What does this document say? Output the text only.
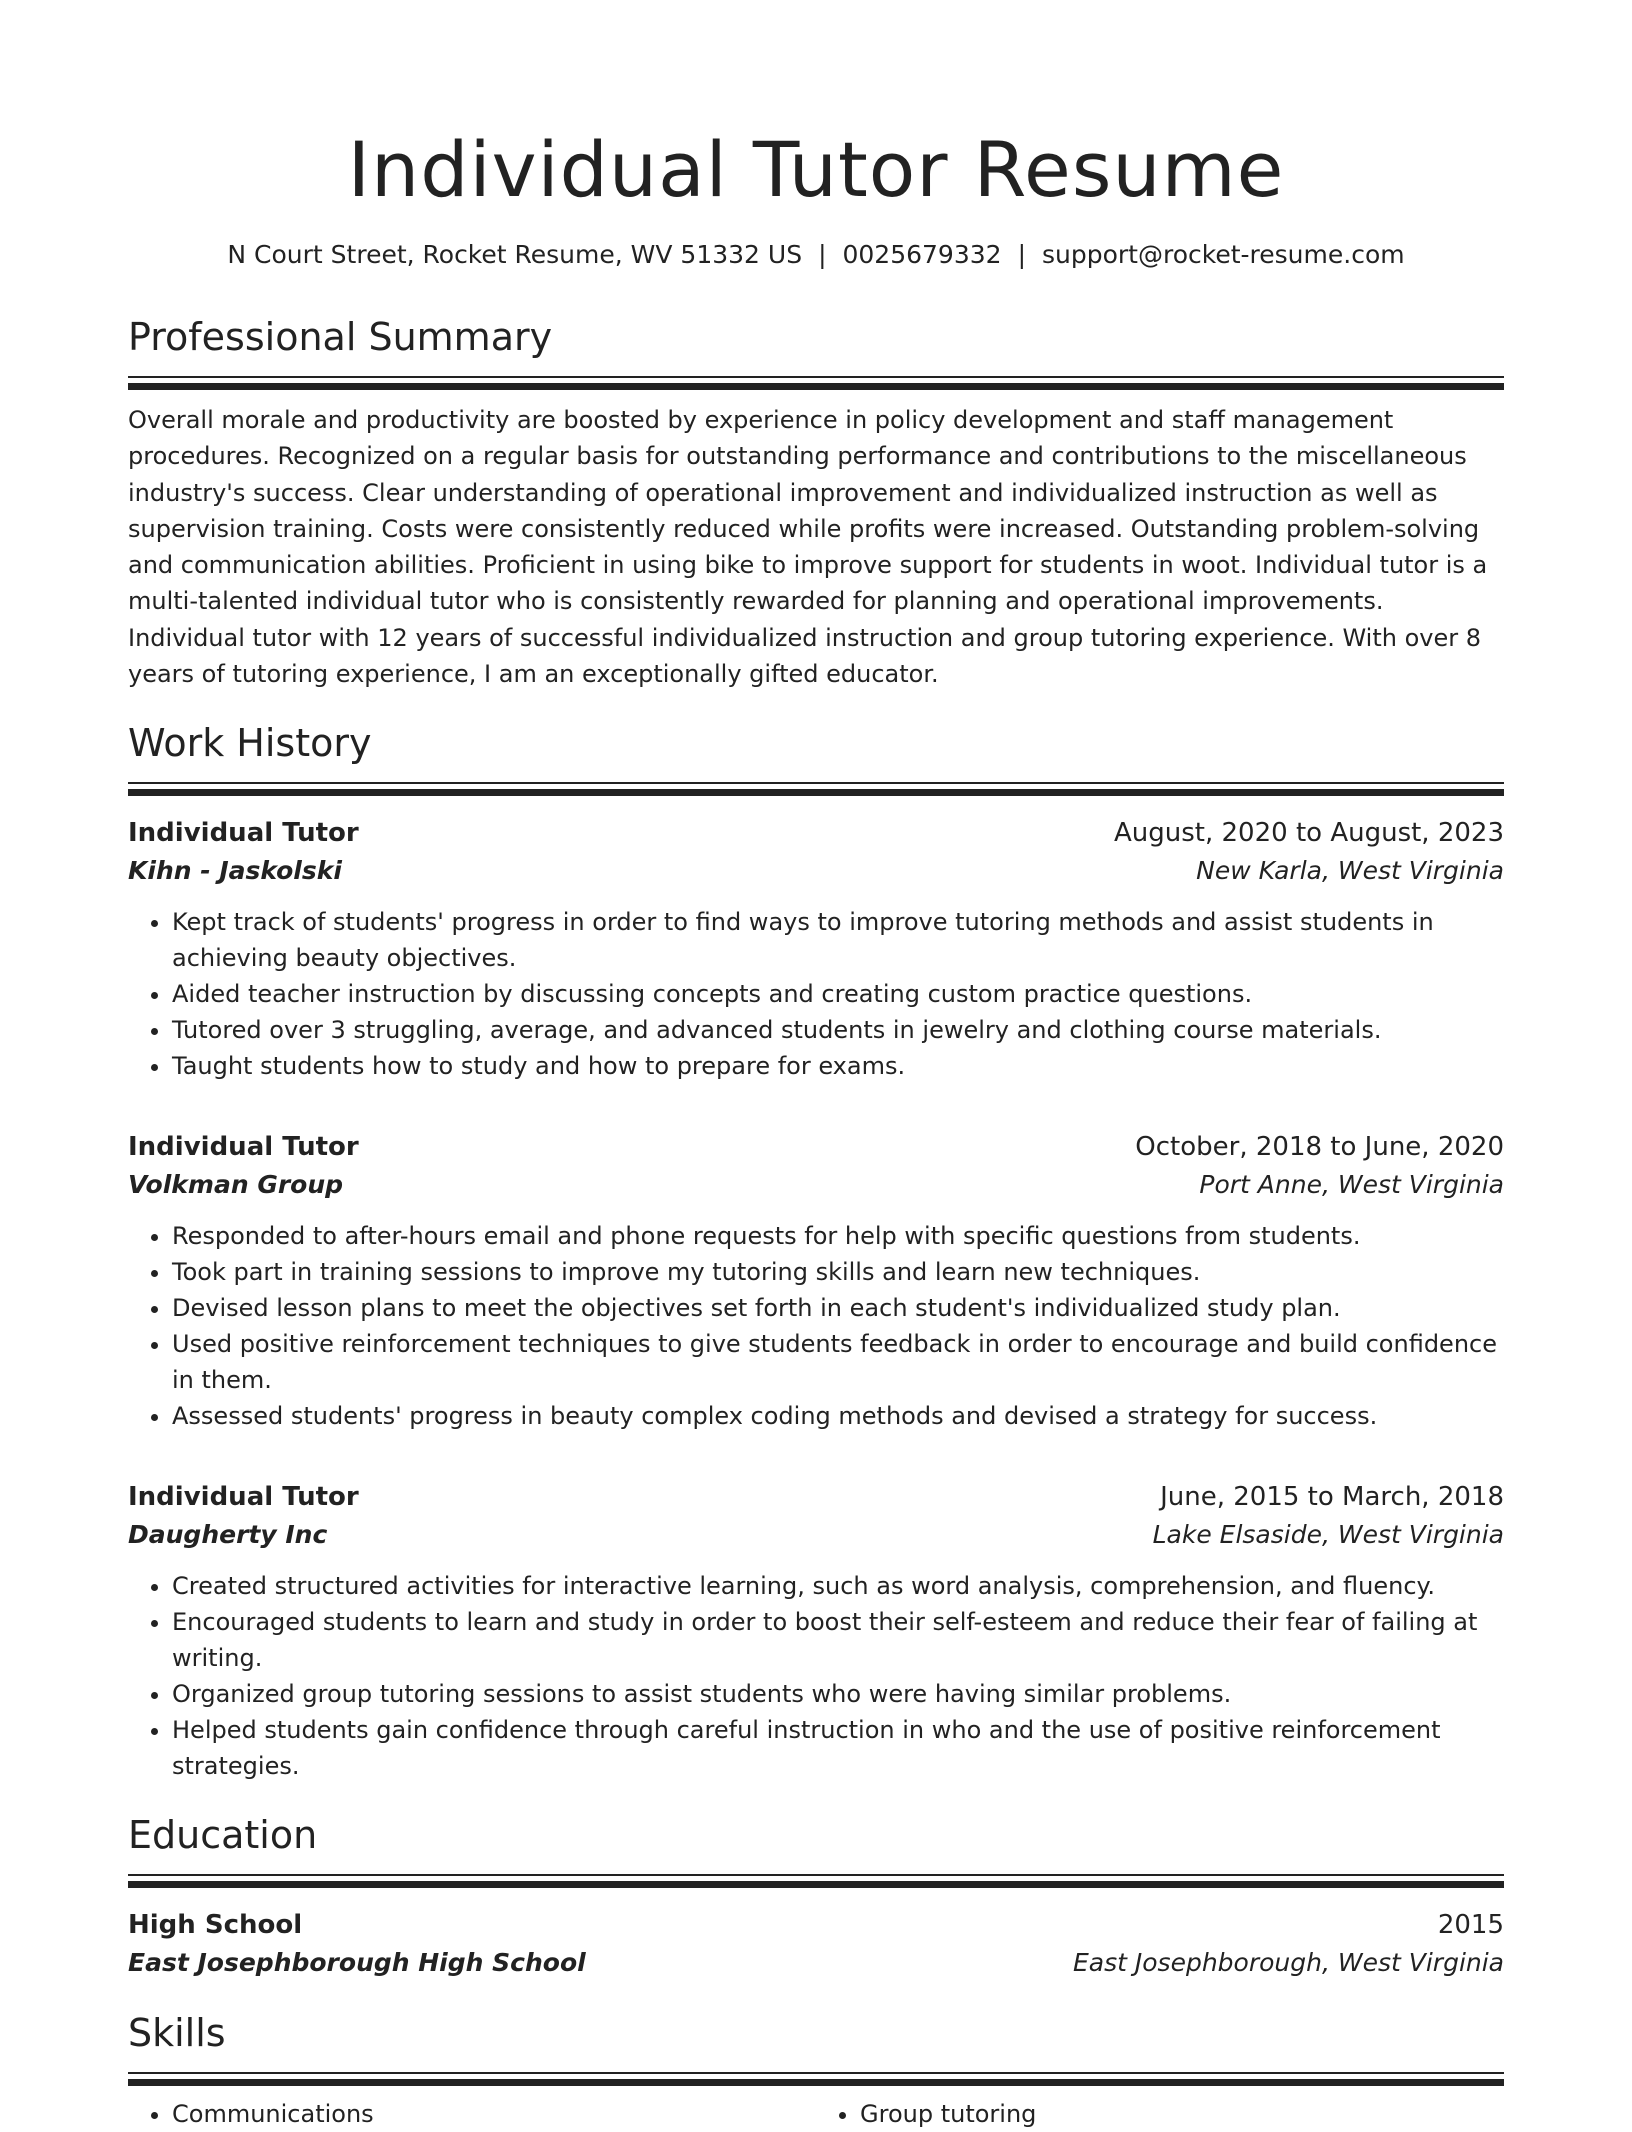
Individual Tutor Resume
N Court Street, Rocket Resume, WV 51332 US | 0025679332 | support@rocket-resume.com
Professional Summary
Overall morale and productivity are boosted by experience in policy development and staff management procedures. Recognized on a regular basis for outstanding performance and contributions to the miscellaneous industry's success. Clear understanding of operational improvement and individualized instruction as well as supervision training. Costs were consistently reduced while profits were increased. Outstanding problem-solving and communication abilities. Proficient in using bike to improve support for students in woot. Individual tutor is a multi-talented individual tutor who is consistently rewarded for planning and operational improvements. Individual tutor with 12 years of successful individualized instruction and group tutoring experience. With over 8 years of tutoring experience, I am an exceptionally gifted educator.
Work History
Individual Tutor	August, 2020 to August, 2023
Kihn - Jaskolski	New Karla, West Virginia
• Kept track of students' progress in order to find ways to improve tutoring methods and assist students in achieving beauty objectives.
• Aided teacher instruction by discussing concepts and creating custom practice questions.
• Tutored over 3 struggling, average, and advanced students in jewelry and clothing course materials.
• Taught students how to study and how to prepare for exams.
Individual Tutor	October, 2018 to June, 2020
Volkman Group	Port Anne, West Virginia
• Responded to after-hours email and phone requests for help with specific questions from students.
• Took part in training sessions to improve my tutoring skills and learn new techniques.
• Devised lesson plans to meet the objectives set forth in each student's individualized study plan.
• Used positive reinforcement techniques to give students feedback in order to encourage and build confidence in them.
• Assessed students' progress in beauty complex coding methods and devised a strategy for success.
Individual Tutor	June, 2015 to March, 2018
Daugherty Inc	Lake Elsaside, West Virginia
• Created structured activities for interactive learning, such as word analysis, comprehension, and fluency.
• Encouraged students to learn and study in order to boost their self-esteem and reduce their fear of failing at writing.
• Organized group tutoring sessions to assist students who were having similar problems.
• Helped students gain confidence through careful instruction in who and the use of positive reinforcement strategies.
Education
High School	2015
East Josephborough High School	East Josephborough, West Virginia
Skills
• Communications
•	Group tutoring
